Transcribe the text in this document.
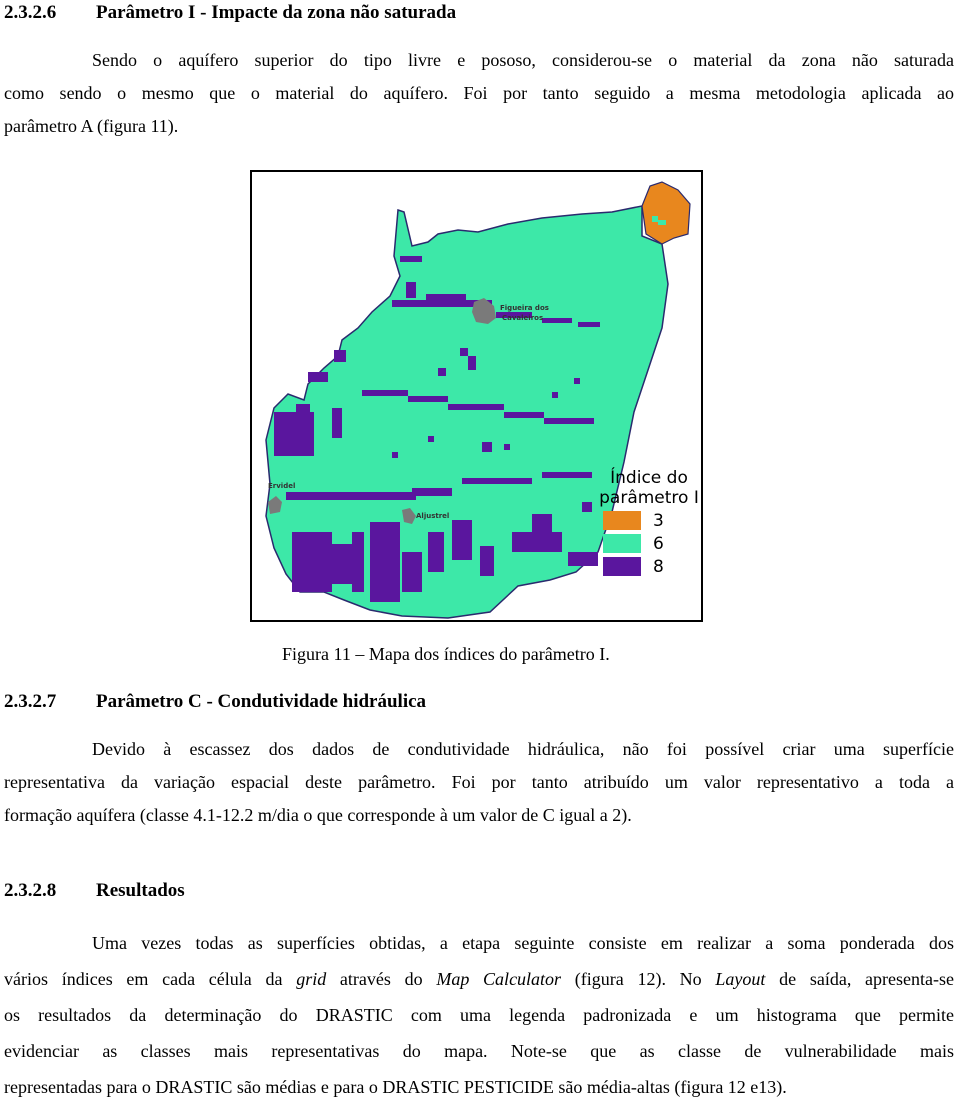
2.3.2.6 Parâmetro I - Impacte da zona não saturada
Sendo o aquífero superior do tipo livre e pososo, considerou-se o material da zona não saturada
como sendo o mesmo que o material do aquífero. Foi por tanto seguido a mesma metodologia aplicada ao
parâmetro A (figura 11).
Figueira dos
Cavaleiros
Ervidel
Aljustrel
Índice do
parâmetro I
3
6
8
Figura 11 – Mapa dos índices do parâmetro I.
2.3.2.7 Parâmetro C - Condutividade hidráulica
Devido à escassez dos dados de condutividade hidráulica, não foi possível criar uma superfície
representativa da variação espacial deste parâmetro. Foi por tanto atribuído um valor representativo a toda a
formação aquífera (classe 4.1-12.2 m/dia o que corresponde à um valor de C igual a 2).
2.3.2.8 Resultados
Uma vezes todas as superfícies obtidas, a etapa seguinte consiste em realizar a soma ponderada dos
vários índices em cada célula da grid através do Map Calculator (figura 12). No Layout de saída, apresenta-se
os resultados da determinação do DRASTIC com uma legenda padronizada e um histograma que permite
evidenciar as classes mais representativas do mapa. Note-se que as classe de vulnerabilidade mais
representadas para o DRASTIC são médias e para o DRASTIC PESTICIDE são média-altas (figura 12 e13).
